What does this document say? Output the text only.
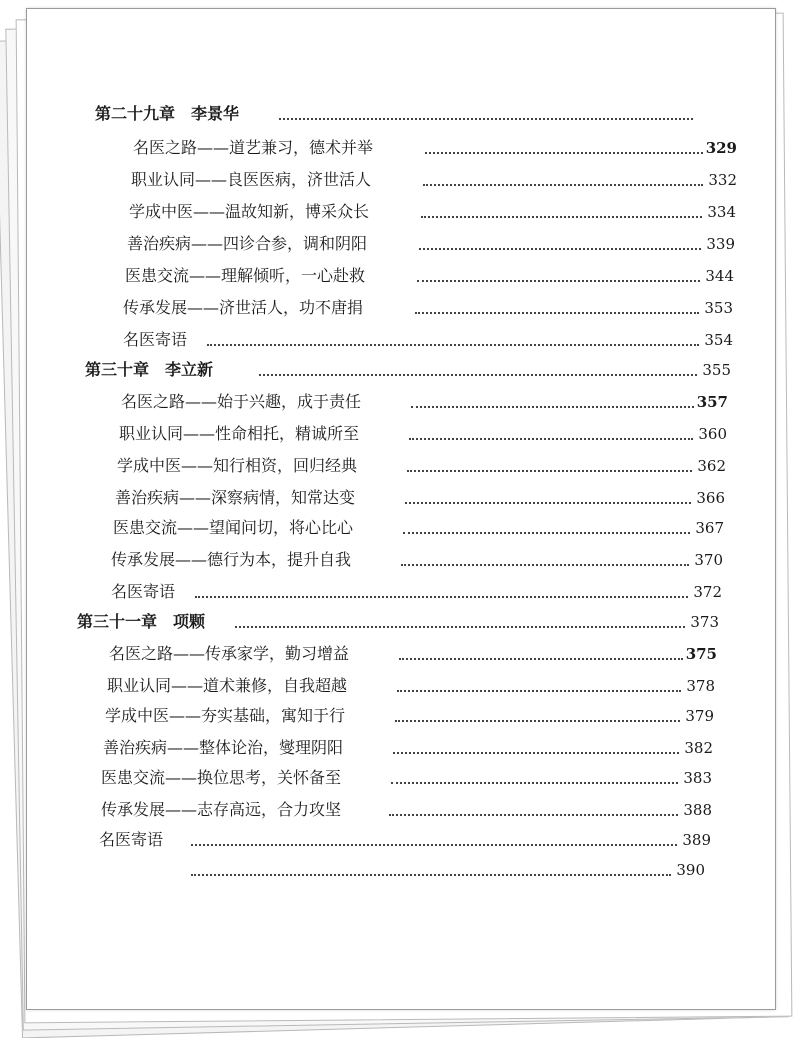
第二十九章　李景华
名医之路——道艺兼习，德术并举	329
职业认同——良医医病，济世活人	332
学成中医——温故知新，博采众长	334
善治疾病——四诊合参，调和阴阳	339
医患交流——理解倾听，一心赴救	344
传承发展——济世活人，功不唐捐	353
名医寄语	354
第三十章　李立新	355
名医之路——始于兴趣，成于责任	357
职业认同——性命相托，精诚所至	360
学成中医——知行相资，回归经典	362
善治疾病——深察病情，知常达变	366
医患交流——望闻问切，将心比心	367
传承发展——德行为本，提升自我	370
名医寄语	372
第三十一章　项颗	373
名医之路——传承家学，勤习增益	375
职业认同——道术兼修，自我超越	378
学成中医——夯实基础，寓知于行	379
善治疾病——整体论治，燮理阴阳	382
医患交流——换位思考，关怀备至	383
传承发展——志存高远，合力攻坚	388
名医寄语	389
390
